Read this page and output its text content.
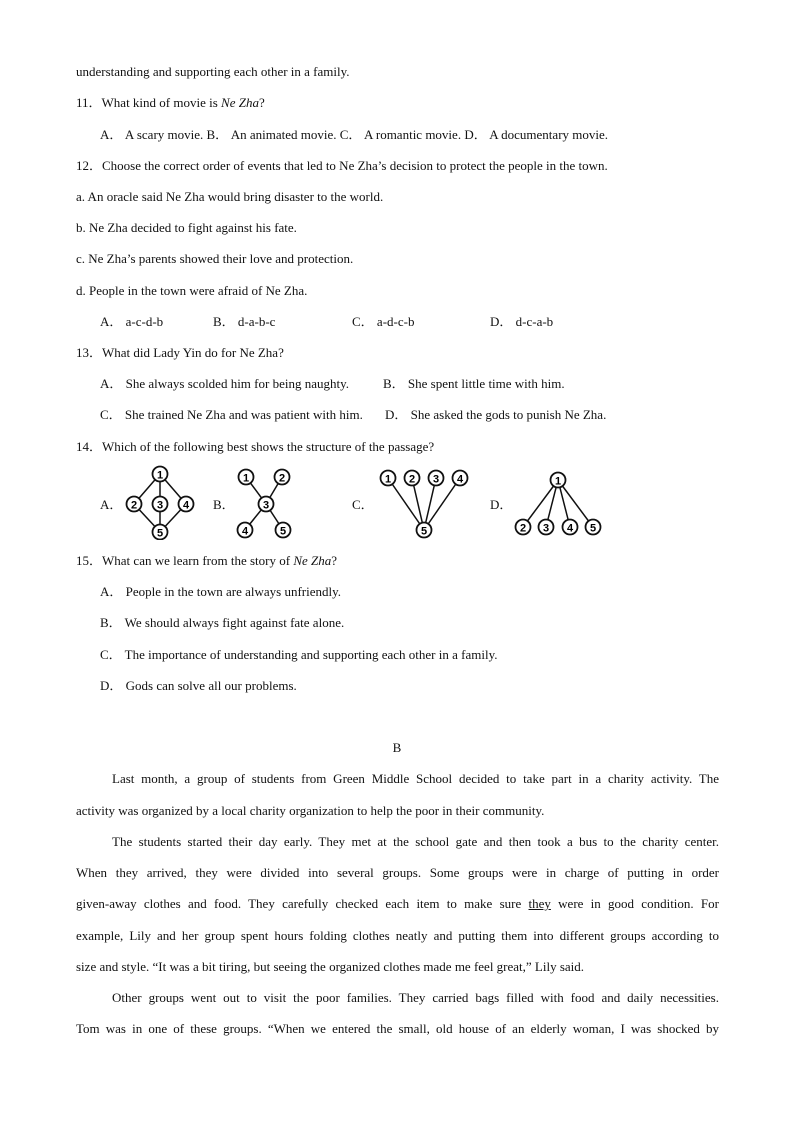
understanding and supporting each other in a family.
11．What kind of movie is Ne Zha?
A． A scary movie. B． An animated movie. C． A romantic movie. D． A documentary movie.
12．Choose the correct order of events that led to Ne Zha’s decision to protect the people in the town.
a. An oracle said Ne Zha would bring disaster to the world.
b. Ne Zha decided to fight against his fate.
c. Ne Zha’s parents showed their love and protection.
d. People in the town were afraid of Ne Zha.
A． a-c-d-b	B． d-a-b-c	C． a-d-c-b	D． d-c-a-b
13．What did Lady Yin do for Ne Zha?
A． She always scolded him for being naughty.	B． She spent little time with him.
C． She trained Ne Zha and was patient with him. D． She asked the gods to punish Ne Zha.
14．Which of the following best shows the structure of the passage?
A．	B．	C．	D．
1
2 3 4
5
1	2
3
4	5
1 2 3 4
5
1
2 3 4 5
15．What can we learn from the story of Ne Zha?
A． People in the town are always unfriendly.
B． We should always fight against fate alone.
C． The importance of understanding and supporting each other in a family.
D． Gods can solve all our problems.
B
Last month, a group of students from Green Middle School decided to take part in a charity activity. The
activity was organized by a local charity organization to help the poor in their community.
The students started their day early. They met at the school gate and then took a bus to the charity center.
When they arrived, they were divided into several groups. Some groups were in charge of putting in order
given-away clothes and food. They carefully checked each item to make sure they were in good condition. For
example, Lily and her group spent hours folding clothes neatly and putting them into different groups according to
size and style. “It was a bit tiring, but seeing the organized clothes made me feel great,” Lily said.
Other groups went out to visit the poor families. They carried bags filled with food and daily necessities.
Tom was in one of these groups. “When we entered the small, old house of an elderly woman, I was shocked by
